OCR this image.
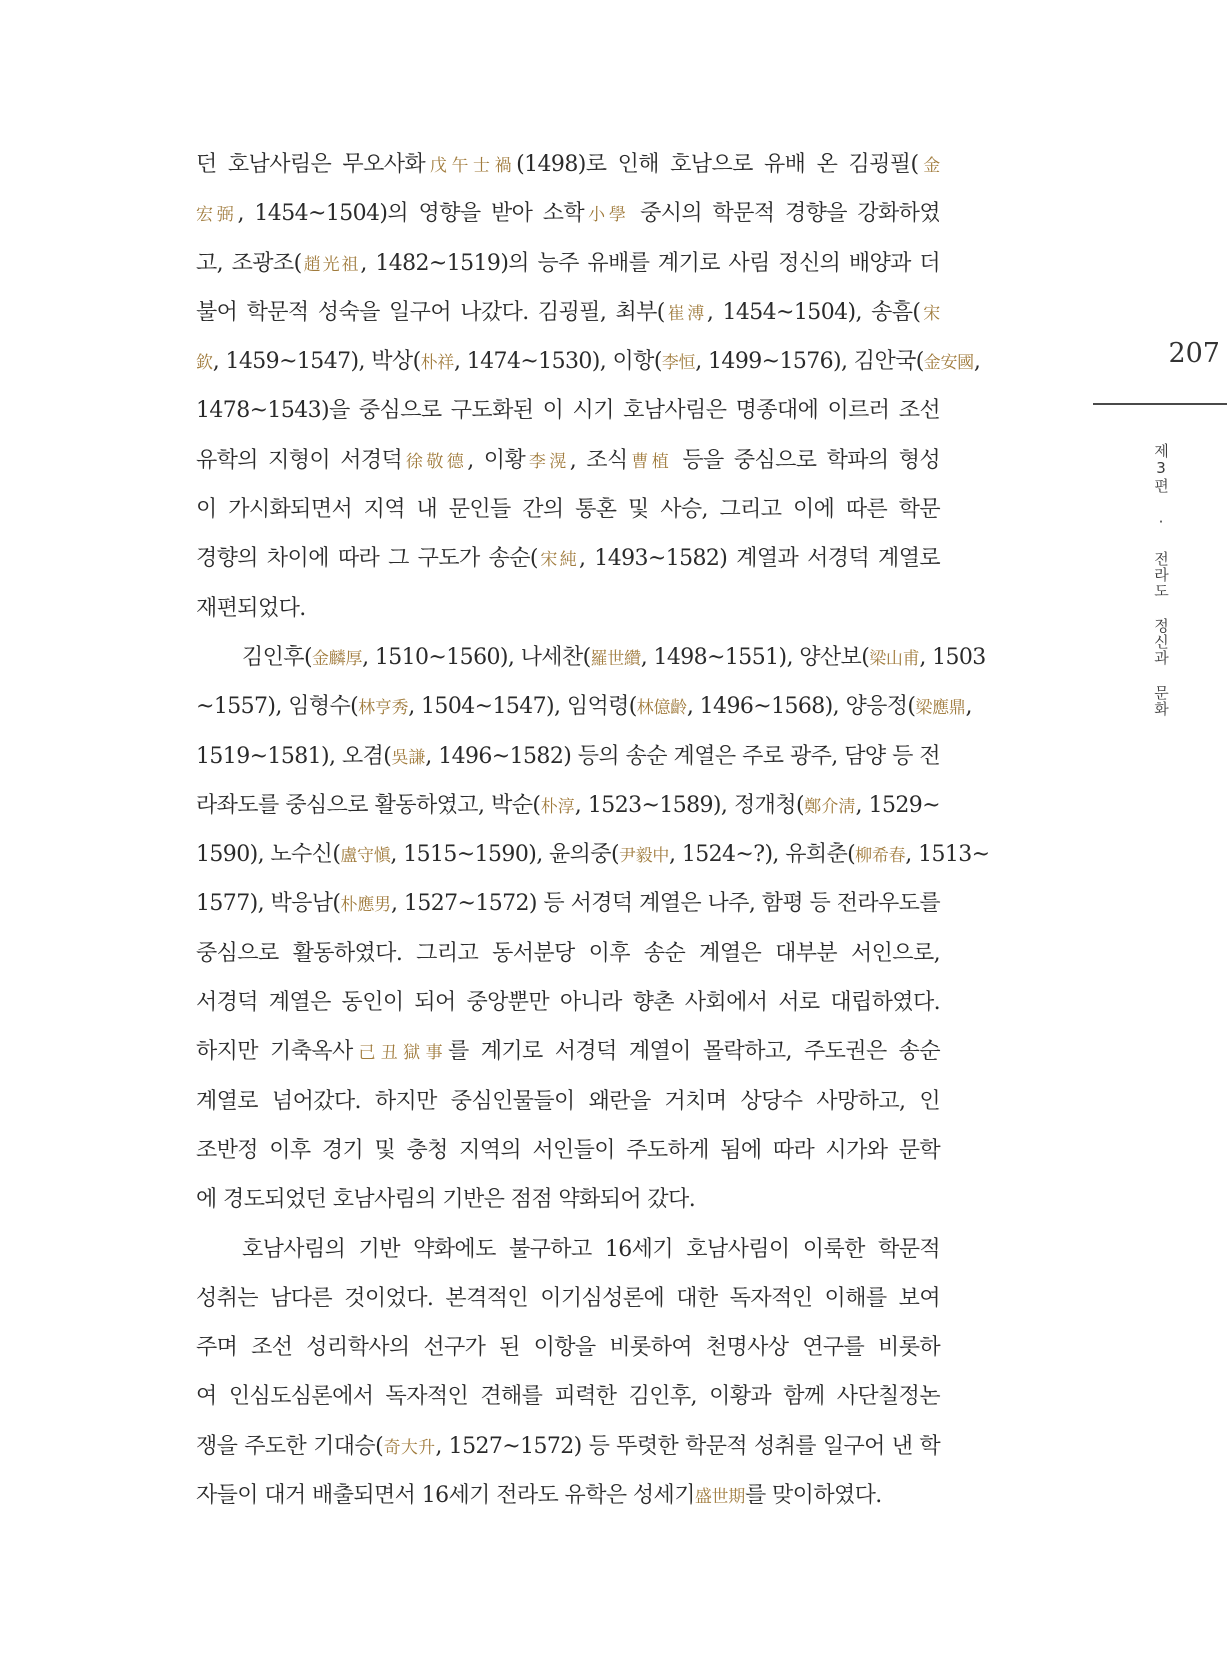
던 호남사림은 무오사화戊午士禍(1498)로 인해 호남으로 유배 온 김굉필(金
宏弼, 1454~1504)의 영향을 받아 소학小學 중시의 학문적 경향을 강화하였
고, 조광조(趙光祖, 1482~1519)의 능주 유배를 계기로 사림 정신의 배양과 더
불어 학문적 성숙을 일구어 나갔다. 김굉필, 최부(崔溥, 1454~1504), 송흠(宋
欽, 1459~1547), 박상(朴祥, 1474~1530), 이항(李恒, 1499~1576), 김안국(金安國,
1478~1543)을 중심으로 구도화된 이 시기 호남사림은 명종대에 이르러 조선
유학의 지형이 서경덕徐敬德, 이황李滉, 조식曹植 등을 중심으로 학파의 형성
이 가시화되면서 지역 내 문인들 간의 통혼 및 사승, 그리고 이에 따른 학문
경향의 차이에 따라 그 구도가 송순(宋純, 1493~1582) 계열과 서경덕 계열로
재편되었다.
김인후(金麟厚, 1510~1560), 나세찬(羅世纘, 1498~1551), 양산보(梁山甫, 1503
~1557), 임형수(林亨秀, 1504~1547), 임억령(林億齡, 1496~1568), 양응정(梁應鼎,
1519~1581), 오겸(吳謙, 1496~1582) 등의 송순 계열은 주로 광주, 담양 등 전
라좌도를 중심으로 활동하였고, 박순(朴淳, 1523~1589), 정개청(鄭介淸, 1529~
1590), 노수신(盧守愼, 1515~1590), 윤의중(尹毅中, 1524~?), 유희춘(柳希春, 1513~
1577), 박응남(朴應男, 1527~1572) 등 서경덕 계열은 나주, 함평 등 전라우도를
중심으로 활동하였다. 그리고 동서분당 이후 송순 계열은 대부분 서인으로,
서경덕 계열은 동인이 되어 중앙뿐만 아니라 향촌 사회에서 서로 대립하였다.
하지만 기축옥사己丑獄事를 계기로 서경덕 계열이 몰락하고, 주도권은 송순
계열로 넘어갔다. 하지만 중심인물들이 왜란을 거치며 상당수 사망하고, 인
조반정 이후 경기 및 충청 지역의 서인들이 주도하게 됨에 따라 시가와 문학
에 경도되었던 호남사림의 기반은 점점 약화되어 갔다.
호남사림의 기반 약화에도 불구하고 16세기 호남사림이 이룩한 학문적
성취는 남다른 것이었다. 본격적인 이기심성론에 대한 독자적인 이해를 보여
주며 조선 성리학사의 선구가 된 이항을 비롯하여 천명사상 연구를 비롯하
여 인심도심론에서 독자적인 견해를 피력한 김인후, 이황과 함께 사단칠정논
쟁을 주도한 기대승(奇大升, 1527~1572) 등 뚜렷한 학문적 성취를 일구어 낸 학
자들이 대거 배출되면서 16세기 전라도 유학은 성세기盛世期를 맞이하였다.
207
제3편 · 전라도 정신과 문화
